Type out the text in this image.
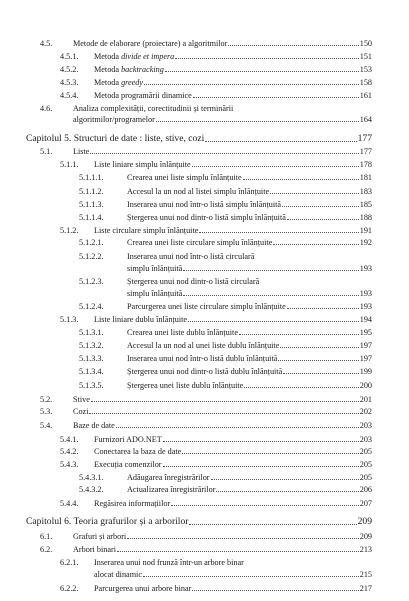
4.5.	Metode de elaborare (proiectare) a algoritmilor	150
4.5.1.	Metoda divide et impera	151
4.5.2.	Metoda backtracking	153
4.5.3.	Metoda greedy	158
4.5.4.	Metoda programării dinamice	161
4.6.	Analiza complexității, corectitudinii și terminării
algoritmilor/programelor	164
Capitolul 5. Structuri de date : liste, stive, cozi	177
5.1.	Liste	177
5.1.1.	Liste liniare simplu înlănțuite	178
5.1.1.1.	Crearea unei liste simplu înlănțuite	181
5.1.1.2.	Accesul la un nod al listei simplu înlănțuite	183
5.1.1.3.	Inserarea unui nod într-o listă simplu înlănțuită	185
5.1.1.4.	Ștergerea unui nod dintr-o listă simplu înlănțuită	188
5.1.2.	Liste circulare simplu înlănțuite	191
5.1.2.1.	Crearea unei liste circulare simplu înlănțuite	192
5.1.2.2.	Inserarea unui nod într-o listă circulară
simplu înlănțuită	193
5.1.2.3.	Ștergerea unui nod dintr-o listă circulară
simplu înlănțuită	193
5.1.2.4.	Parcurgerea unei liste circulare simplu înlănțuite	193
5.1.3.	Liste liniare dublu înlănțuite	194
5.1.3.1.	Crearea unei liste dublu înlănțuite	195
5.1.3.2.	Accesul la un nod al unei liste dublu înlănțuite	197
5.1.3.3.	Inserarea unui nod într-o listă dublu înlănțuită	197
5.1.3.4.	Ștergerea unui nod dintr-o listă dublu înlănțuită	199
5.1.3.5.	Ștergerea unei liste dublu înlănțuite	200
5.2.	Stive	201
5.3.	Cozi	202
5.4.	Baze de date	203
5.4.1.	Furnizori ADO.NET	203
5.4.2.	Conectarea la baza de date	205
5.4.3.	Execuția comenzilor	205
5.4.3.1.	Adăugarea înregistrărilor	205
5.4.3.2.	Actualizarea înregistrărilor	206
5.4.4.	Regăsirea informațiilor	207
Capitolul 6. Teoria grafurilor și a arborilor	209
6.1.	Grafuri și arbori	209
6.2.	Arbori binari	213
6.2.1.	Inserarea unui nod frunză într-un arbore binar
alocat dinamic	215
6.2.2.	Parcurgerea unui arbore binar	217
